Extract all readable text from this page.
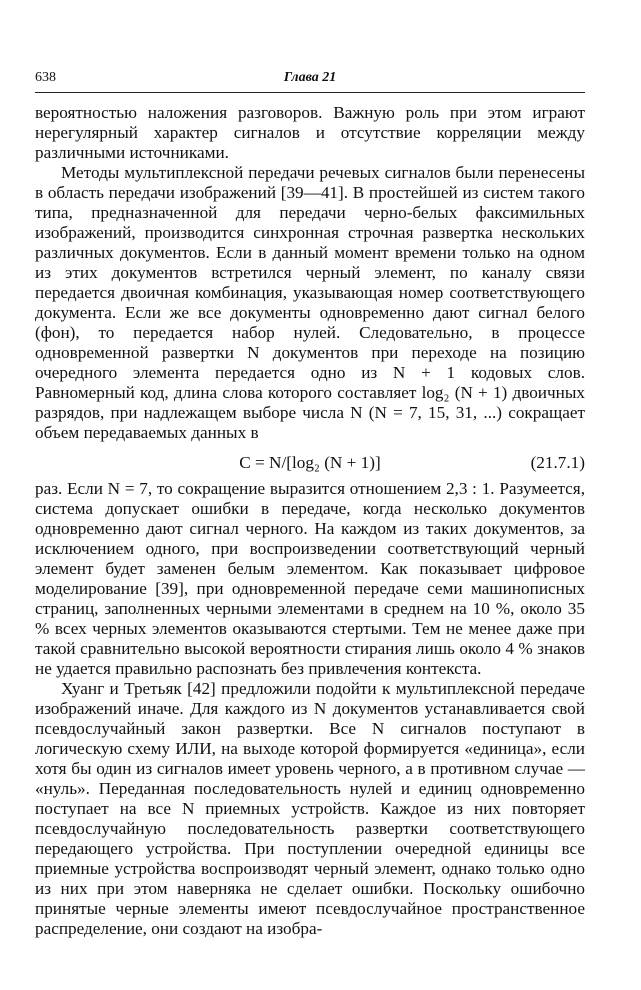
638	Глава 21

вероятностью наложения разговоров. Важную роль при этом играют нерегулярный характер сигналов и отсутствие корреляции между различными источниками.

Методы мультиплексной передачи речевых сигналов были перенесены в область передачи изображений [39—41]. В простейшей из систем такого типа, предназначенной для передачи черно-белых факсимильных изображений, производится синхронная строчная развертка нескольких различных документов. Если в данный момент времени только на одном из этих документов встретился черный элемент, по каналу связи передается двоичная комбинация, указывающая номер соответствующего документа. Если же все документы одновременно дают сигнал белого (фон), то передается набор нулей. Следовательно, в процессе одновременной развертки N документов при переходе на позицию очередного элемента передается одно из N + 1 кодовых слов. Равномерный код, длина слова которого составляет log₂ (N + 1) двоичных разрядов, при надлежащем выборе числа N (N = 7, 15, 31, ...) сокращает объем передаваемых данных в

C = N/[log₂ (N + 1)]	(21.7.1)

раз. Если N = 7, то сокращение выразится отношением 2,3 : 1. Разумеется, система допускает ошибки в передаче, когда несколько документов одновременно дают сигнал черного. На каждом из таких документов, за исключением одного, при воспроизведении соответствующий черный элемент будет заменен белым элементом. Как показывает цифровое моделирование [39], при одновременной передаче семи машинописных страниц, заполненных черными элементами в среднем на 10 %, около 35 % всех черных элементов оказываются стертыми. Тем не менее даже при такой сравнительно высокой вероятности стирания лишь около 4 % знаков не удается правильно распознать без привлечения контекста.

Хуанг и Третьяк [42] предложили подойти к мультиплексной передаче изображений иначе. Для каждого из N документов устанавливается свой псевдослучайный закон развертки. Все N сигналов поступают в логическую схему ИЛИ, на выходе которой формируется «единица», если хотя бы один из сигналов имеет уровень черного, а в противном случае — «нуль». Переданная последовательность нулей и единиц одновременно поступает на все N приемных устройств. Каждое из них повторяет псевдослучайную последовательность развертки соответствующего передающего устройства. При поступлении очередной единицы все приемные устройства воспроизводят черный элемент, однако только одно из них при этом наверняка не сделает ошибки. Поскольку ошибочно принятые черные элементы имеют псевдослучайное пространственное распределение, они создают на изобра-
